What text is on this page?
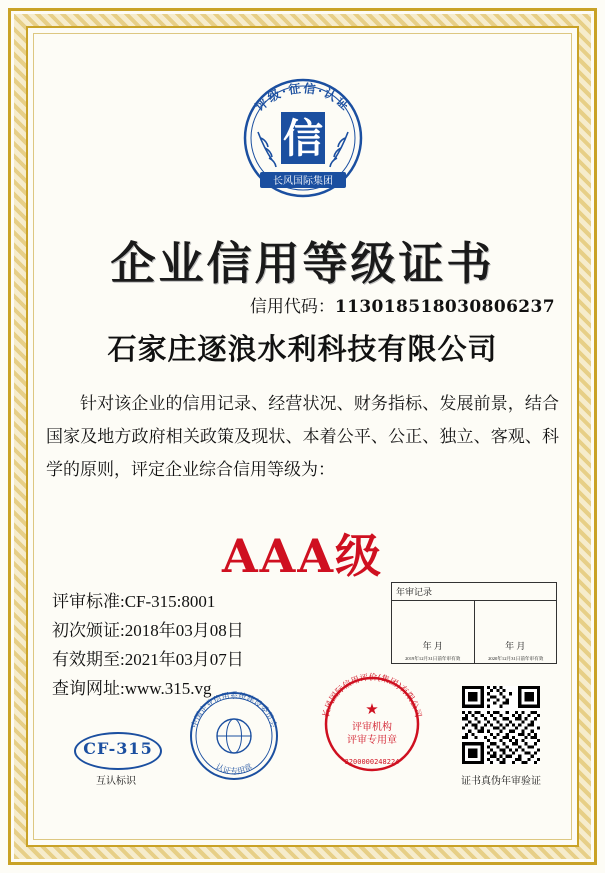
评级·征信·认证
信
长风国际集团
企业信用等级证书
信用代码：113018518030806237
石家庄逐浪水利科技有限公司
针对该企业的信用记录、经营状况、财务指标、发展前景，结合国家及地方政府相关政策及现状、本着公平、公正、独立、客观、科学的原则，评定企业综合信用等级为：
AAA级
评审标准:CF-315:8001
初次颁证:2018年03月08日
有效期至:2021年03月07日
查询网址:www.315.vg
年审记录
年 月
2019年12月31日前年审有效
年 月
2020年12月31日前年审有效
CF-315
互认标识
中国企业信用系统建设委员会
认证专用章
长风国际信用评价(集团)有限公司
★
评审机构
评审专用章
3200000248224
证书真伪年审验证
